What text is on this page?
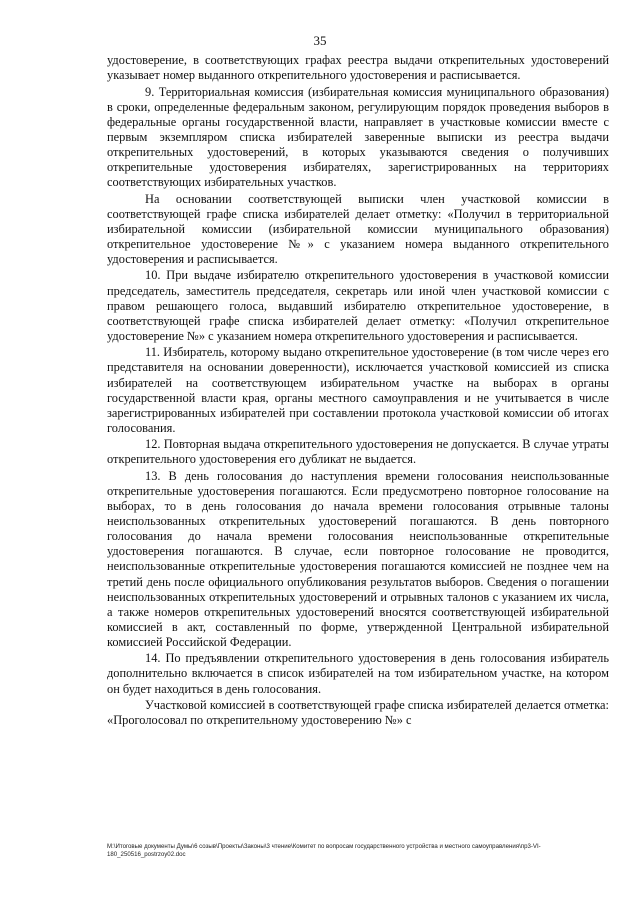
35

удостоверение, в соответствующих графах реестра выдачи открепительных удостоверений указывает номер выданного открепительного удостоверения и расписывается.

9. Территориальная комиссия (избирательная комиссия муниципального образования) в сроки, определенные федеральным законом, регулирующим порядок проведения выборов в федеральные органы государственной власти, направляет в участковые комиссии вместе с первым экземпляром списка избирателей заверенные выписки из реестра выдачи открепительных удостоверений, в которых указываются сведения о получивших открепительные удостоверения избирателях, зарегистрированных на территориях соответствующих избирательных участков.

На основании соответствующей выписки член участковой комиссии в соответствующей графе списка избирателей делает отметку: «Получил в территориальной избирательной комиссии (избирательной комиссии муниципального образования) открепительное удостоверение №» с указанием номера выданного открепительного удостоверения и расписывается.

10. При выдаче избирателю открепительного удостоверения в участковой комиссии председатель, заместитель председателя, секретарь или иной член участковой комиссии с правом решающего голоса, выдавший избирателю открепительное удостоверение, в соответствующей графе списка избирателей делает отметку: «Получил открепительное удостоверение №» с указанием номера открепительного удостоверения и расписывается.

11. Избиратель, которому выдано открепительное удостоверение (в том числе через его представителя на основании доверенности), исключается участковой комиссией из списка избирателей на соответствующем избирательном участке на выборах в органы государственной власти края, органы местного самоуправления и не учитывается в числе зарегистрированных избирателей при составлении протокола участковой комиссии об итогах голосования.

12. Повторная выдача открепительного удостоверения не допускается. В случае утраты открепительного удостоверения его дубликат не выдается.

13. В день голосования до наступления времени голосования неиспользованные открепительные удостоверения погашаются. Если предусмотрено повторное голосование на выборах, то в день голосования до начала времени голосования отрывные талоны неиспользованных открепительных удостоверений погашаются. В день повторного голосования до начала времени голосования неиспользованные открепительные удостоверения погашаются. В случае, если повторное голосование не проводится, неиспользованные открепительные удостоверения погашаются комиссией не позднее чем на третий день после официального опубликования результатов выборов. Сведения о погашении неиспользованных открепительных удостоверений и отрывных талонов с указанием их числа, а также номеров открепительных удостоверений вносятся соответствующей избирательной комиссией в акт, составленный по форме, утвержденной Центральной избирательной комиссией Российской Федерации.

14. По предъявлении открепительного удостоверения в день голосования избиратель дополнительно включается в список избирателей на том избирательном участке, на котором он будет находиться в день голосования.

Участковой комиссией в соответствующей графе списка избирателей делается отметка: «Проголосовал по открепительному удостоверению №» с

M:\Итоговые документы Думы\6 созыв\Проекты\Законы\3 чтение\Комитет по вопросам государственного устройства и местного самоуправления\пр3-VI-180_250516_postrzoy02.doc
